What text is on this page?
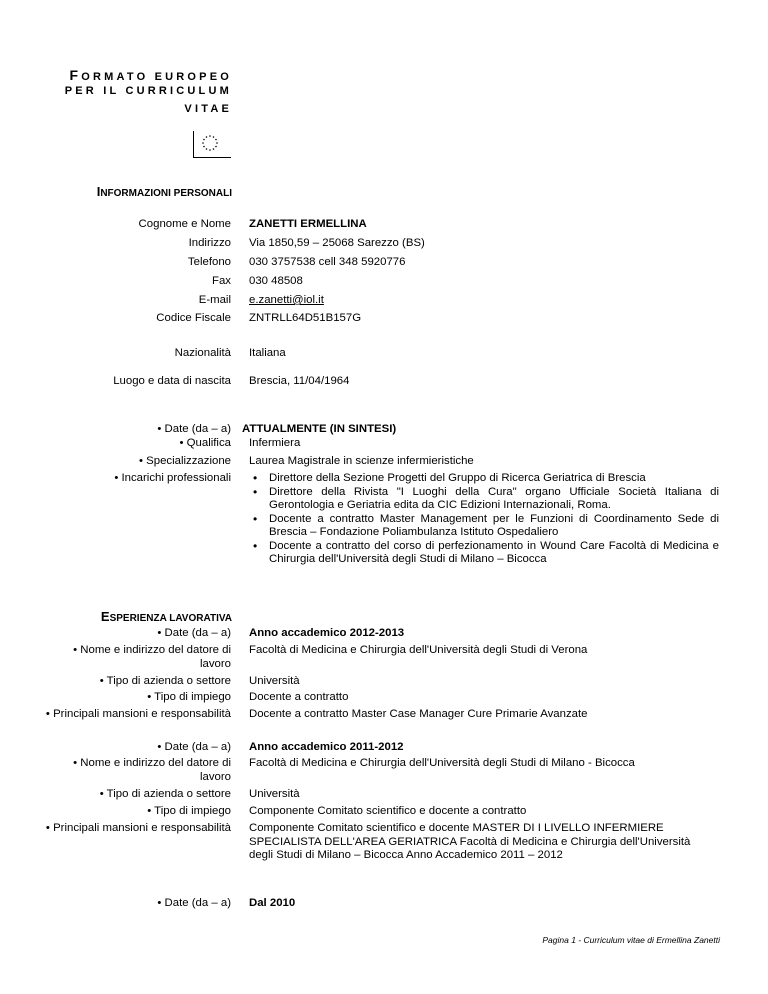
FORMATO EUROPEO
PER IL CURRICULUM
VITAE
INFORMAZIONI PERSONALI
Cognome e Nome ZANETTI ERMELLINA
Indirizzo Via 1850,59 – 25068 Sarezzo (BS)
Telefono 030 3757538 cell 348 5920776
Fax 030 48508
E-mail e.zanetti@iol.it
Codice Fiscale ZNTRLL64D51B157G
Nazionalità Italiana
Luogo e data di nascita Brescia, 11/04/1964
• Date (da – a)
• Qualifica
• Specializzazione
• Incarichi professionali
ATTUALMENTE (IN SINTESI)
Infermiera
Laurea Magistrale in scienze infermieristiche
• Direttore della Sezione Progetti del Gruppo di Ricerca Geriatrica di Brescia
• Direttore della Rivista "I Luoghi della Cura" organo Ufficiale Società Italiana di Gerontologia e Geriatria edita da CIC Edizioni Internazionali, Roma.
• Docente a contratto Master Management per le Funzioni di Coordinamento Sede di Brescia – Fondazione Poliambulanza Istituto Ospedaliero
• Docente a contratto del corso di perfezionamento in Wound Care Facoltà di Medicina e Chirurgia dell'Università degli Studi di Milano – Bicocca
ESPERIENZA LAVORATIVA
• Date (da – a)
• Nome e indirizzo del datore di
lavoro
• Tipo di azienda o settore
• Tipo di impiego
• Principali mansioni e responsabilità
Anno accademico 2012-2013
Facoltà di Medicina e Chirurgia dell'Università degli Studi di Verona
Università
Docente a contratto
Docente a contratto Master Case Manager Cure Primarie Avanzate
• Date (da – a)
• Nome e indirizzo del datore di
lavoro
• Tipo di azienda o settore
• Tipo di impiego
• Principali mansioni e responsabilità
Anno accademico 2011-2012
Facoltà di Medicina e Chirurgia dell'Università degli Studi di Milano - Bicocca
Università
Componente Comitato scientifico e docente a contratto
Componente Comitato scientifico e docente MASTER DI I LIVELLO INFERMIERE SPECIALISTA DELL'AREA GERIATRICA Facoltà di Medicina e Chirurgia dell'Università degli Studi di Milano – Bicocca Anno Accademico 2011 – 2012
• Date (da – a) Dal 2010
Pagina 1 - Curriculum vitae di Ermellina Zanetti
